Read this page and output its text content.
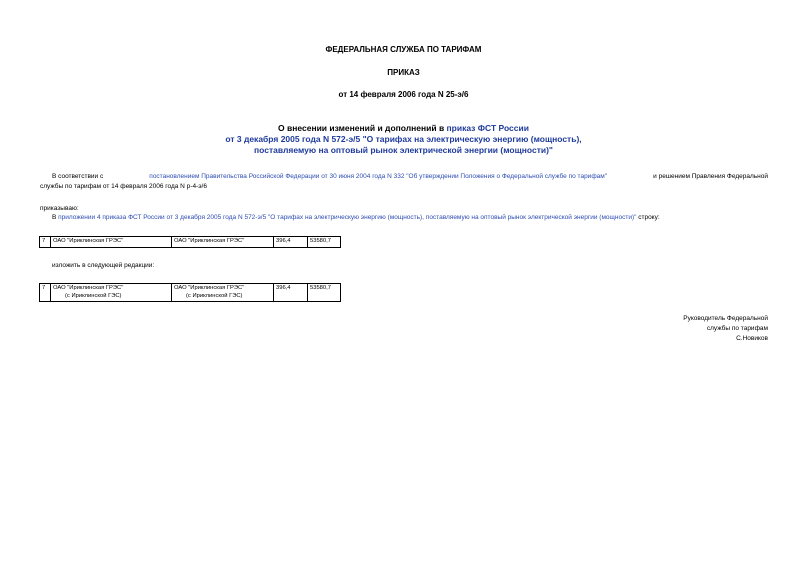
ФЕДЕРАЛЬНАЯ СЛУЖБА ПО ТАРИФАМ
ПРИКАЗ
от 14 февраля 2006 года N 25-э/6
О внесении изменений и дополнений в приказ ФСТ России
от 3 декабря 2005 года N 572-э/5 "О тарифах на электрическую энергию (мощность),
поставляемую на оптовый рынок электрической энергии (мощности)"
В соответствии с	постановлением Правительства Российской Федерации от 30 июня 2004 года N 332 "Об утверждении Положения о Федеральной службе по тарифам"	и решением Правления Федеральной
службы по тарифам от 14 февраля 2006 года N р-4-э/6
приказываю:
В приложении 4 приказа ФСТ России от 3 декабря 2005 года N 572-э/5 "О тарифах на электрическую энергию (мощность), поставляемую на оптовый рынок электрической энергии (мощности)" строку:
7	ОАО "Ириклинская ГРЭС"	ОАО "Ириклинская ГРЭС"	396,4	53580,7
изложить в следующей редакции:
7	ОАО "Ириклинская ГРЭС"
(с Ириклинской ГЭС)
	ОАО "Ириклинская ГРЭС"
(с Ириклинской ГЭС)
	396,4	53580,7
Руководитель Федеральной
службы по тарифам
С.Новиков
